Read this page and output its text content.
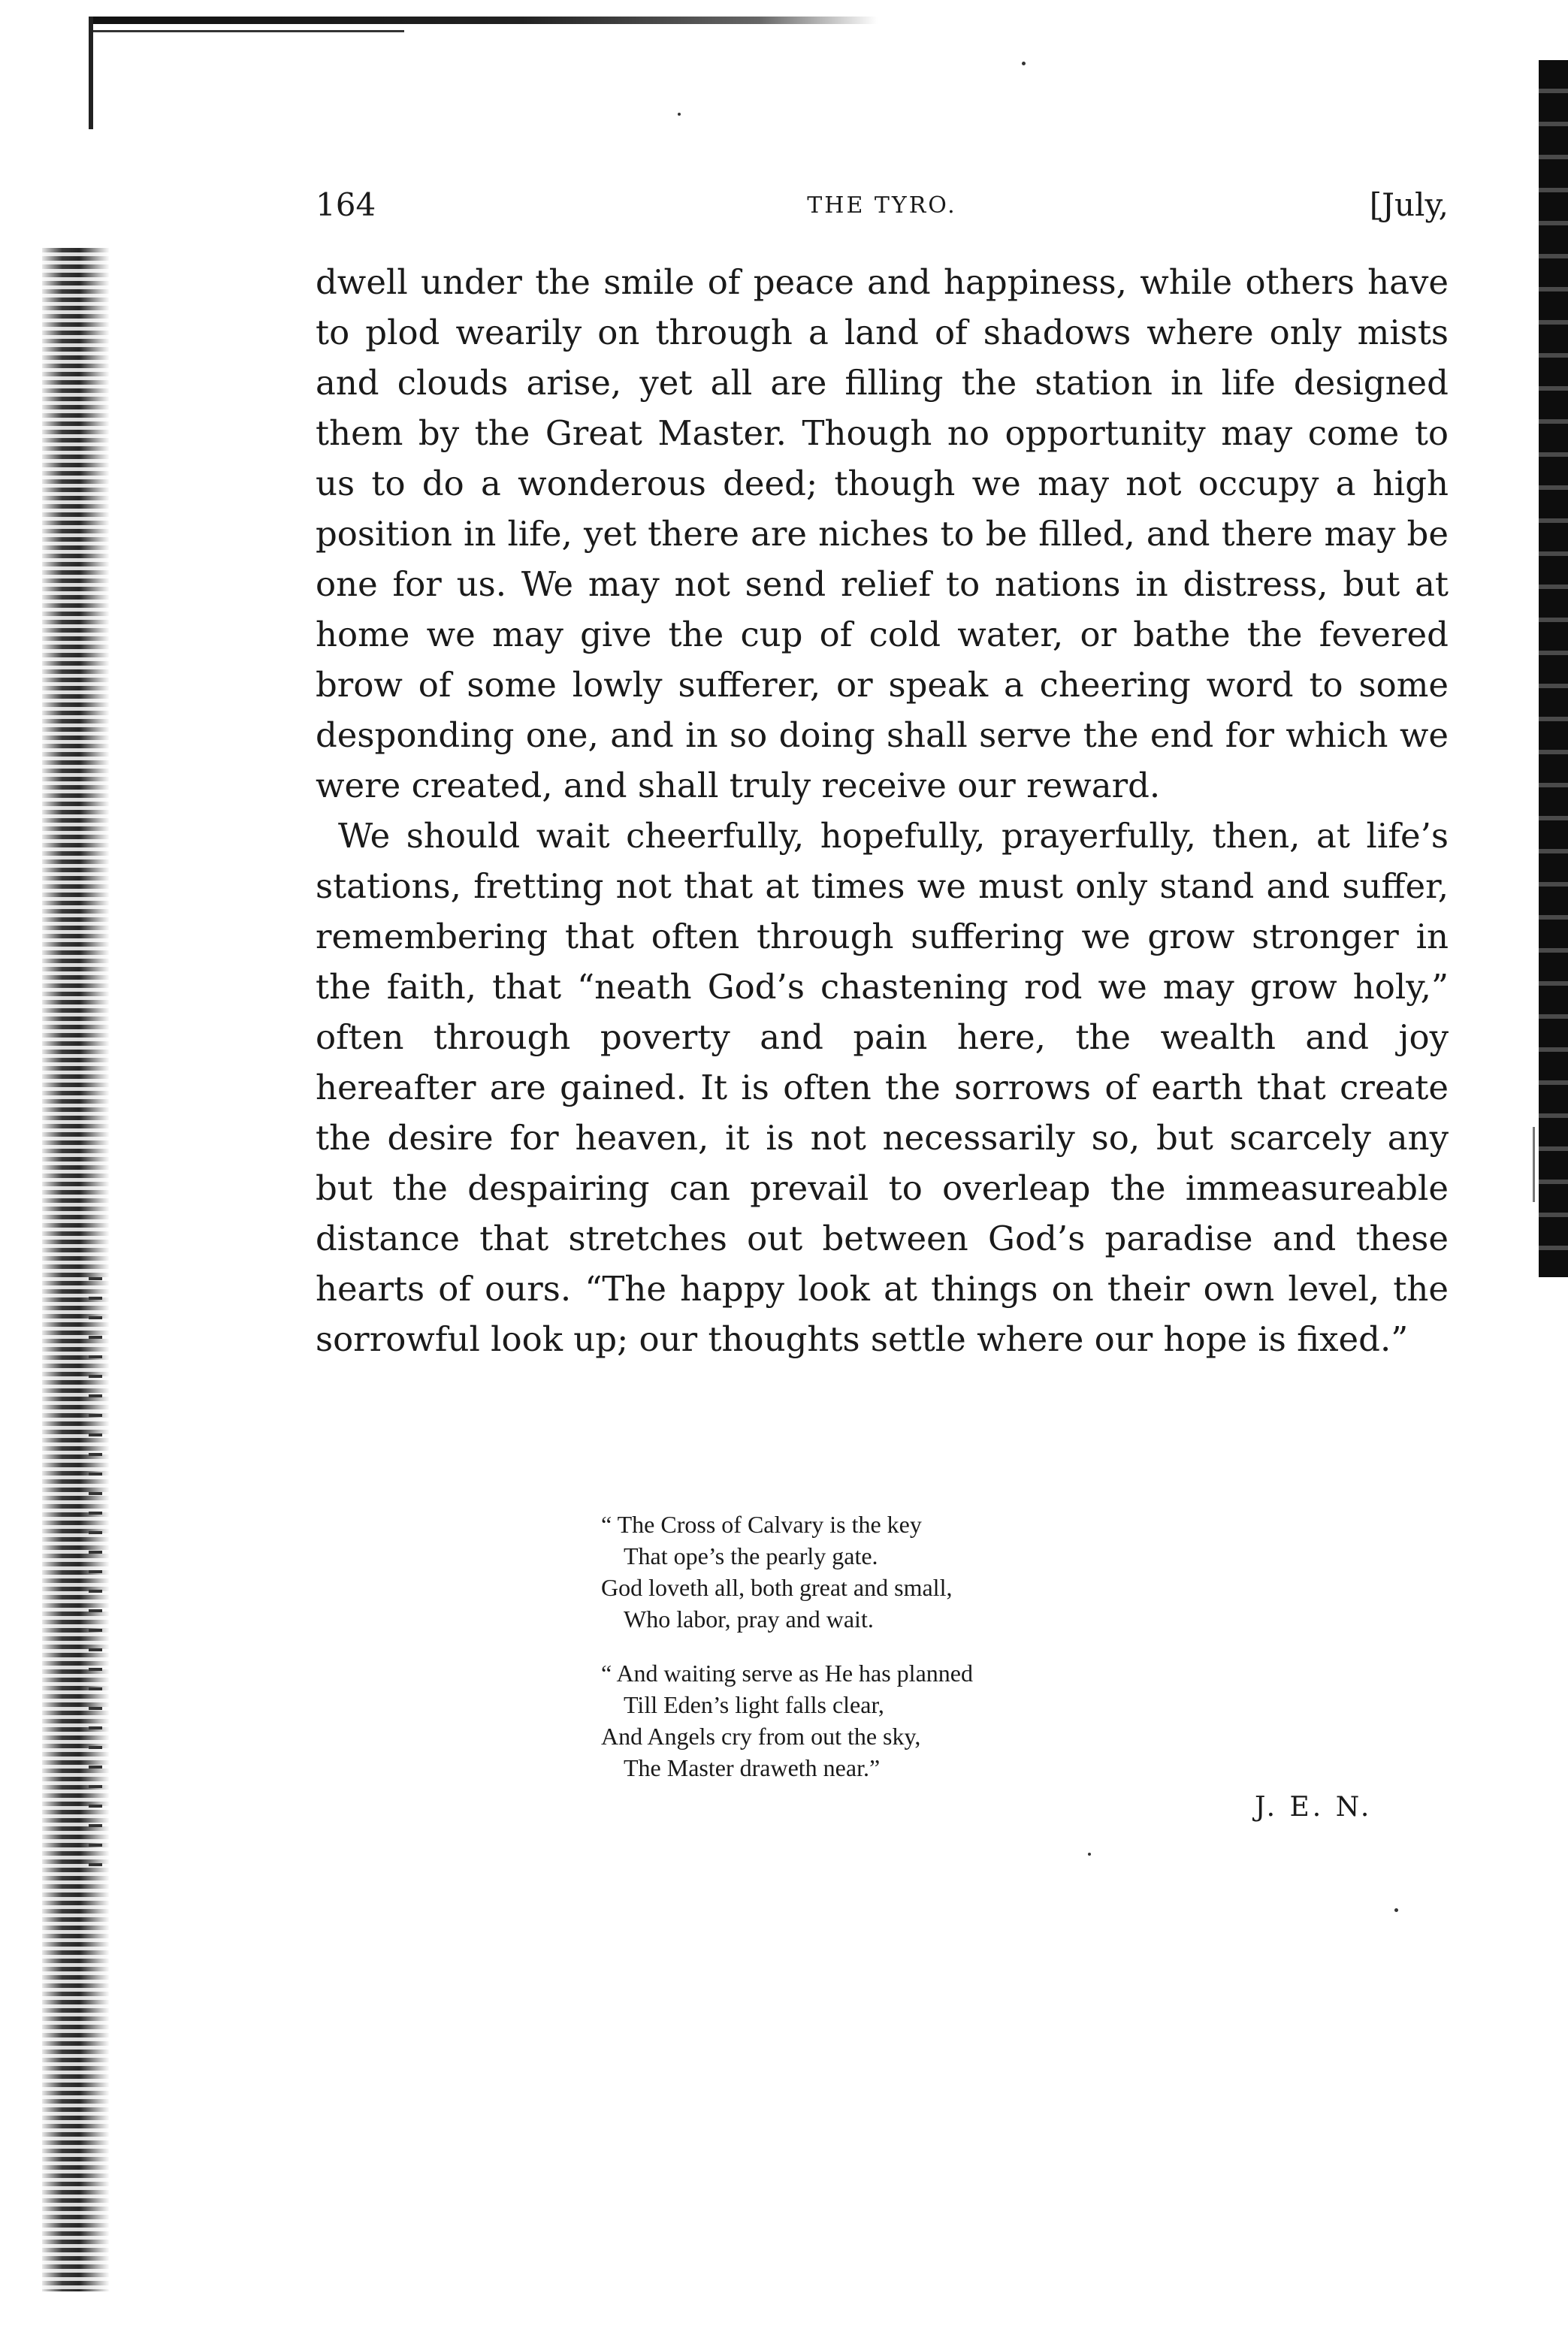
164	THE TYRO.	[July,

dwell under the smile of peace and happiness, while others have to plod wearily on through a land of shadows where only mists and clouds arise, yet all are filling the station in life designed them by the Great Master. Though no opportunity may come to us to do a wonderous deed; though we may not occupy a high position in life, yet there are niches to be filled, and there may be one for us. We may not send relief to nations in distress, but at home we may give the cup of cold water, or bathe the fevered brow of some lowly sufferer, or speak a cheering word to some desponding one, and in so doing shall serve the end for which we were created, and shall truly receive our reward.

We should wait cheerfully, hopefully, prayerfully, then, at life’s stations, fretting not that at times we must only stand and suffer, remembering that often through suffering we grow stronger in the faith, that “neath God’s chastening rod we may grow holy,” often through poverty and pain here, the wealth and joy hereafter are gained. It is often the sorrows of earth that create the desire for heaven, it is not necessarily so, but scarcely any but the despairing can prevail to overleap the immeasureable distance that stretches out between God’s paradise and these hearts of ours. “The happy look at things on their own level, the sorrowful look up; our thoughts settle where our hope is fixed.”

“ The Cross of Calvary is the key
That ope’s the pearly gate.
God loveth all, both great and small,
Who labor, pray and wait.
“ And waiting serve as He has planned
Till Eden’s light falls clear,
And Angels cry from out the sky,
The Master draweth near.”
J. E. N.
